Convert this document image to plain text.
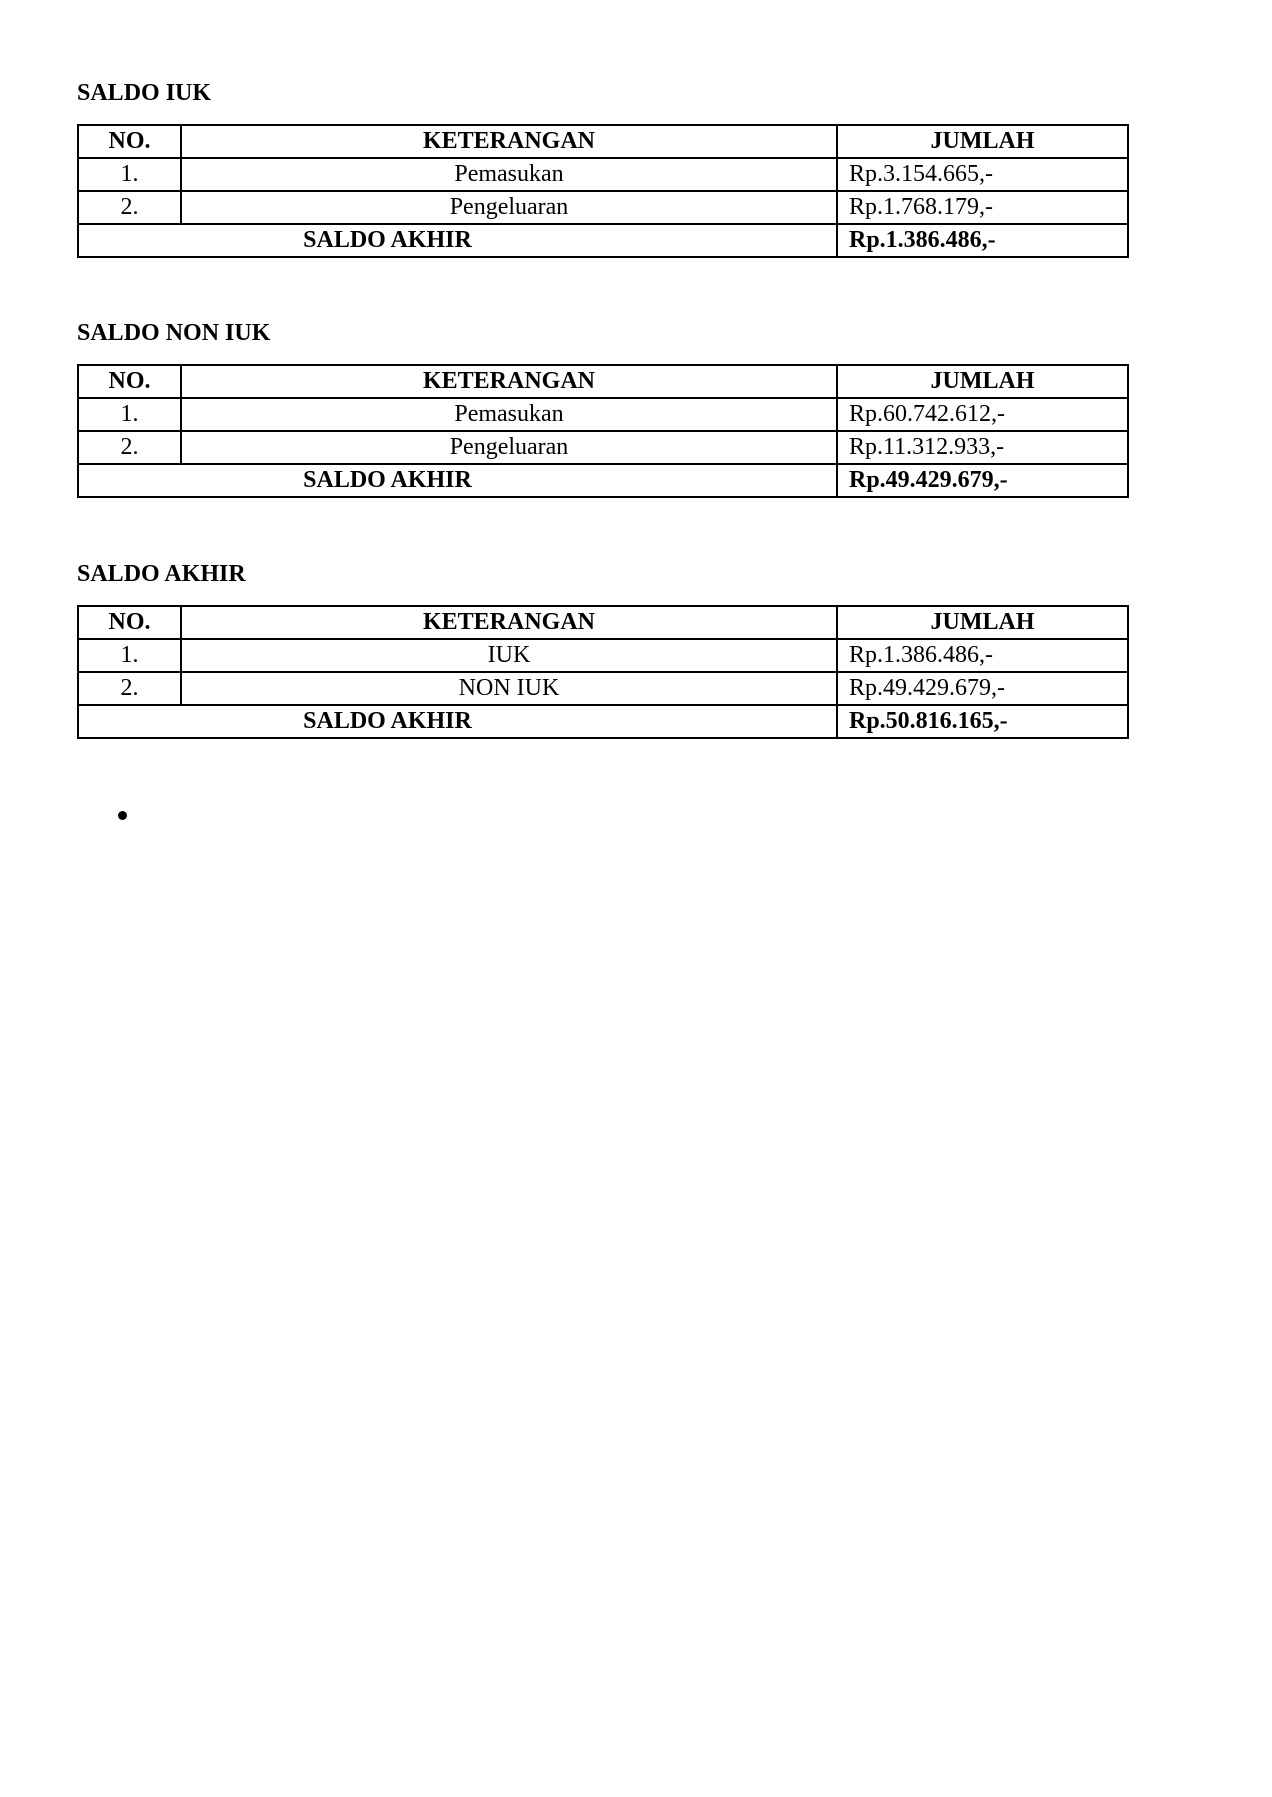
SALDO IUK
NO.	KETERANGAN	JUMLAH
1.	Pemasukan	Rp.3.154.665,-
2.	Pengeluaran	Rp.1.768.179,-
SALDO AKHIR		Rp.1.386.486,-
SALDO NON IUK
NO.	KETERANGAN	JUMLAH
1.	Pemasukan	Rp.60.742.612,-
2.	Pengeluaran	Rp.11.312.933,-
SALDO AKHIR		Rp.49.429.679,-
SALDO AKHIR
NO.	KETERANGAN	JUMLAH
1.	IUK	Rp.1.386.486,-
2.	NON IUK	Rp.49.429.679,-
SALDO AKHIR		Rp.50.816.165,-
